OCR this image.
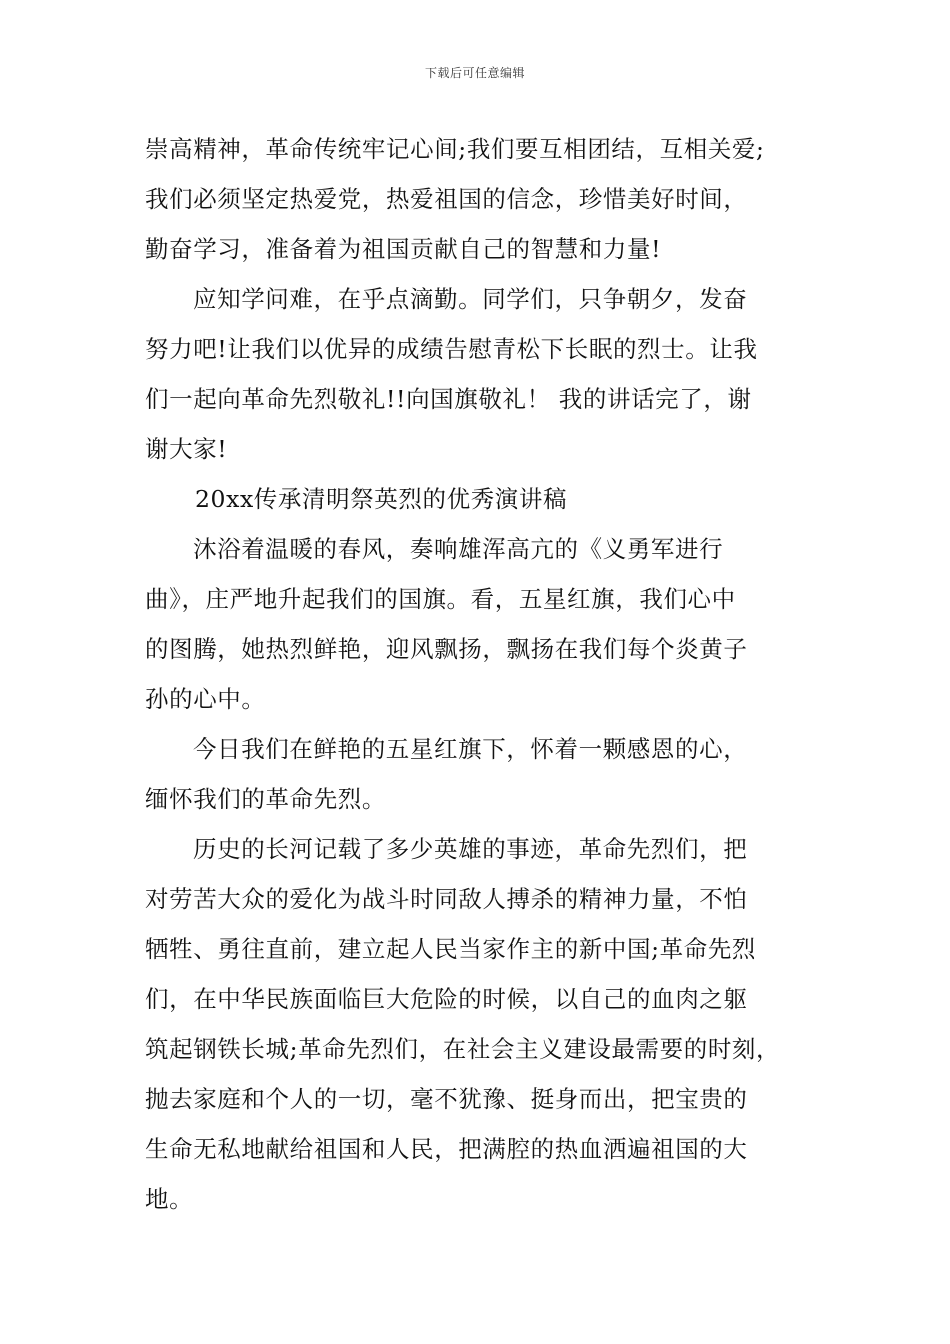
下载后可任意编辑
崇高精神，革命传统牢记心间;我们要互相团结，互相关爱;
我们必须坚定热爱党，热爱祖国的信念，珍惜美好时间，
勤奋学习，准备着为祖国贡献自己的智慧和力量!
应知学问难，在乎点滴勤。同学们，只争朝夕，发奋
努力吧!让我们以优异的成绩告慰青松下长眠的烈士。让我
们一起向革命先烈敬礼!!向国旗敬礼！ 我的讲话完了，谢
谢大家!
20xx传承清明祭英烈的优秀演讲稿
沐浴着温暖的春风，奏响雄浑高亢的《义勇军进行
曲》，庄严地升起我们的国旗。看，五星红旗，我们心中
的图腾，她热烈鲜艳，迎风飘扬，飘扬在我们每个炎黄子
孙的心中。
今日我们在鲜艳的五星红旗下，怀着一颗感恩的心，
缅怀我们的革命先烈。
历史的长河记载了多少英雄的事迹，革命先烈们，把
对劳苦大众的爱化为战斗时同敌人搏杀的精神力量，不怕
牺牲、勇往直前，建立起人民当家作主的新中国;革命先烈
们，在中华民族面临巨大危险的时候，以自己的血肉之躯
筑起钢铁长城;革命先烈们，在社会主义建设最需要的时刻，
抛去家庭和个人的一切，毫不犹豫、挺身而出，把宝贵的
生命无私地献给祖国和人民，把满腔的热血洒遍祖国的大
地。
